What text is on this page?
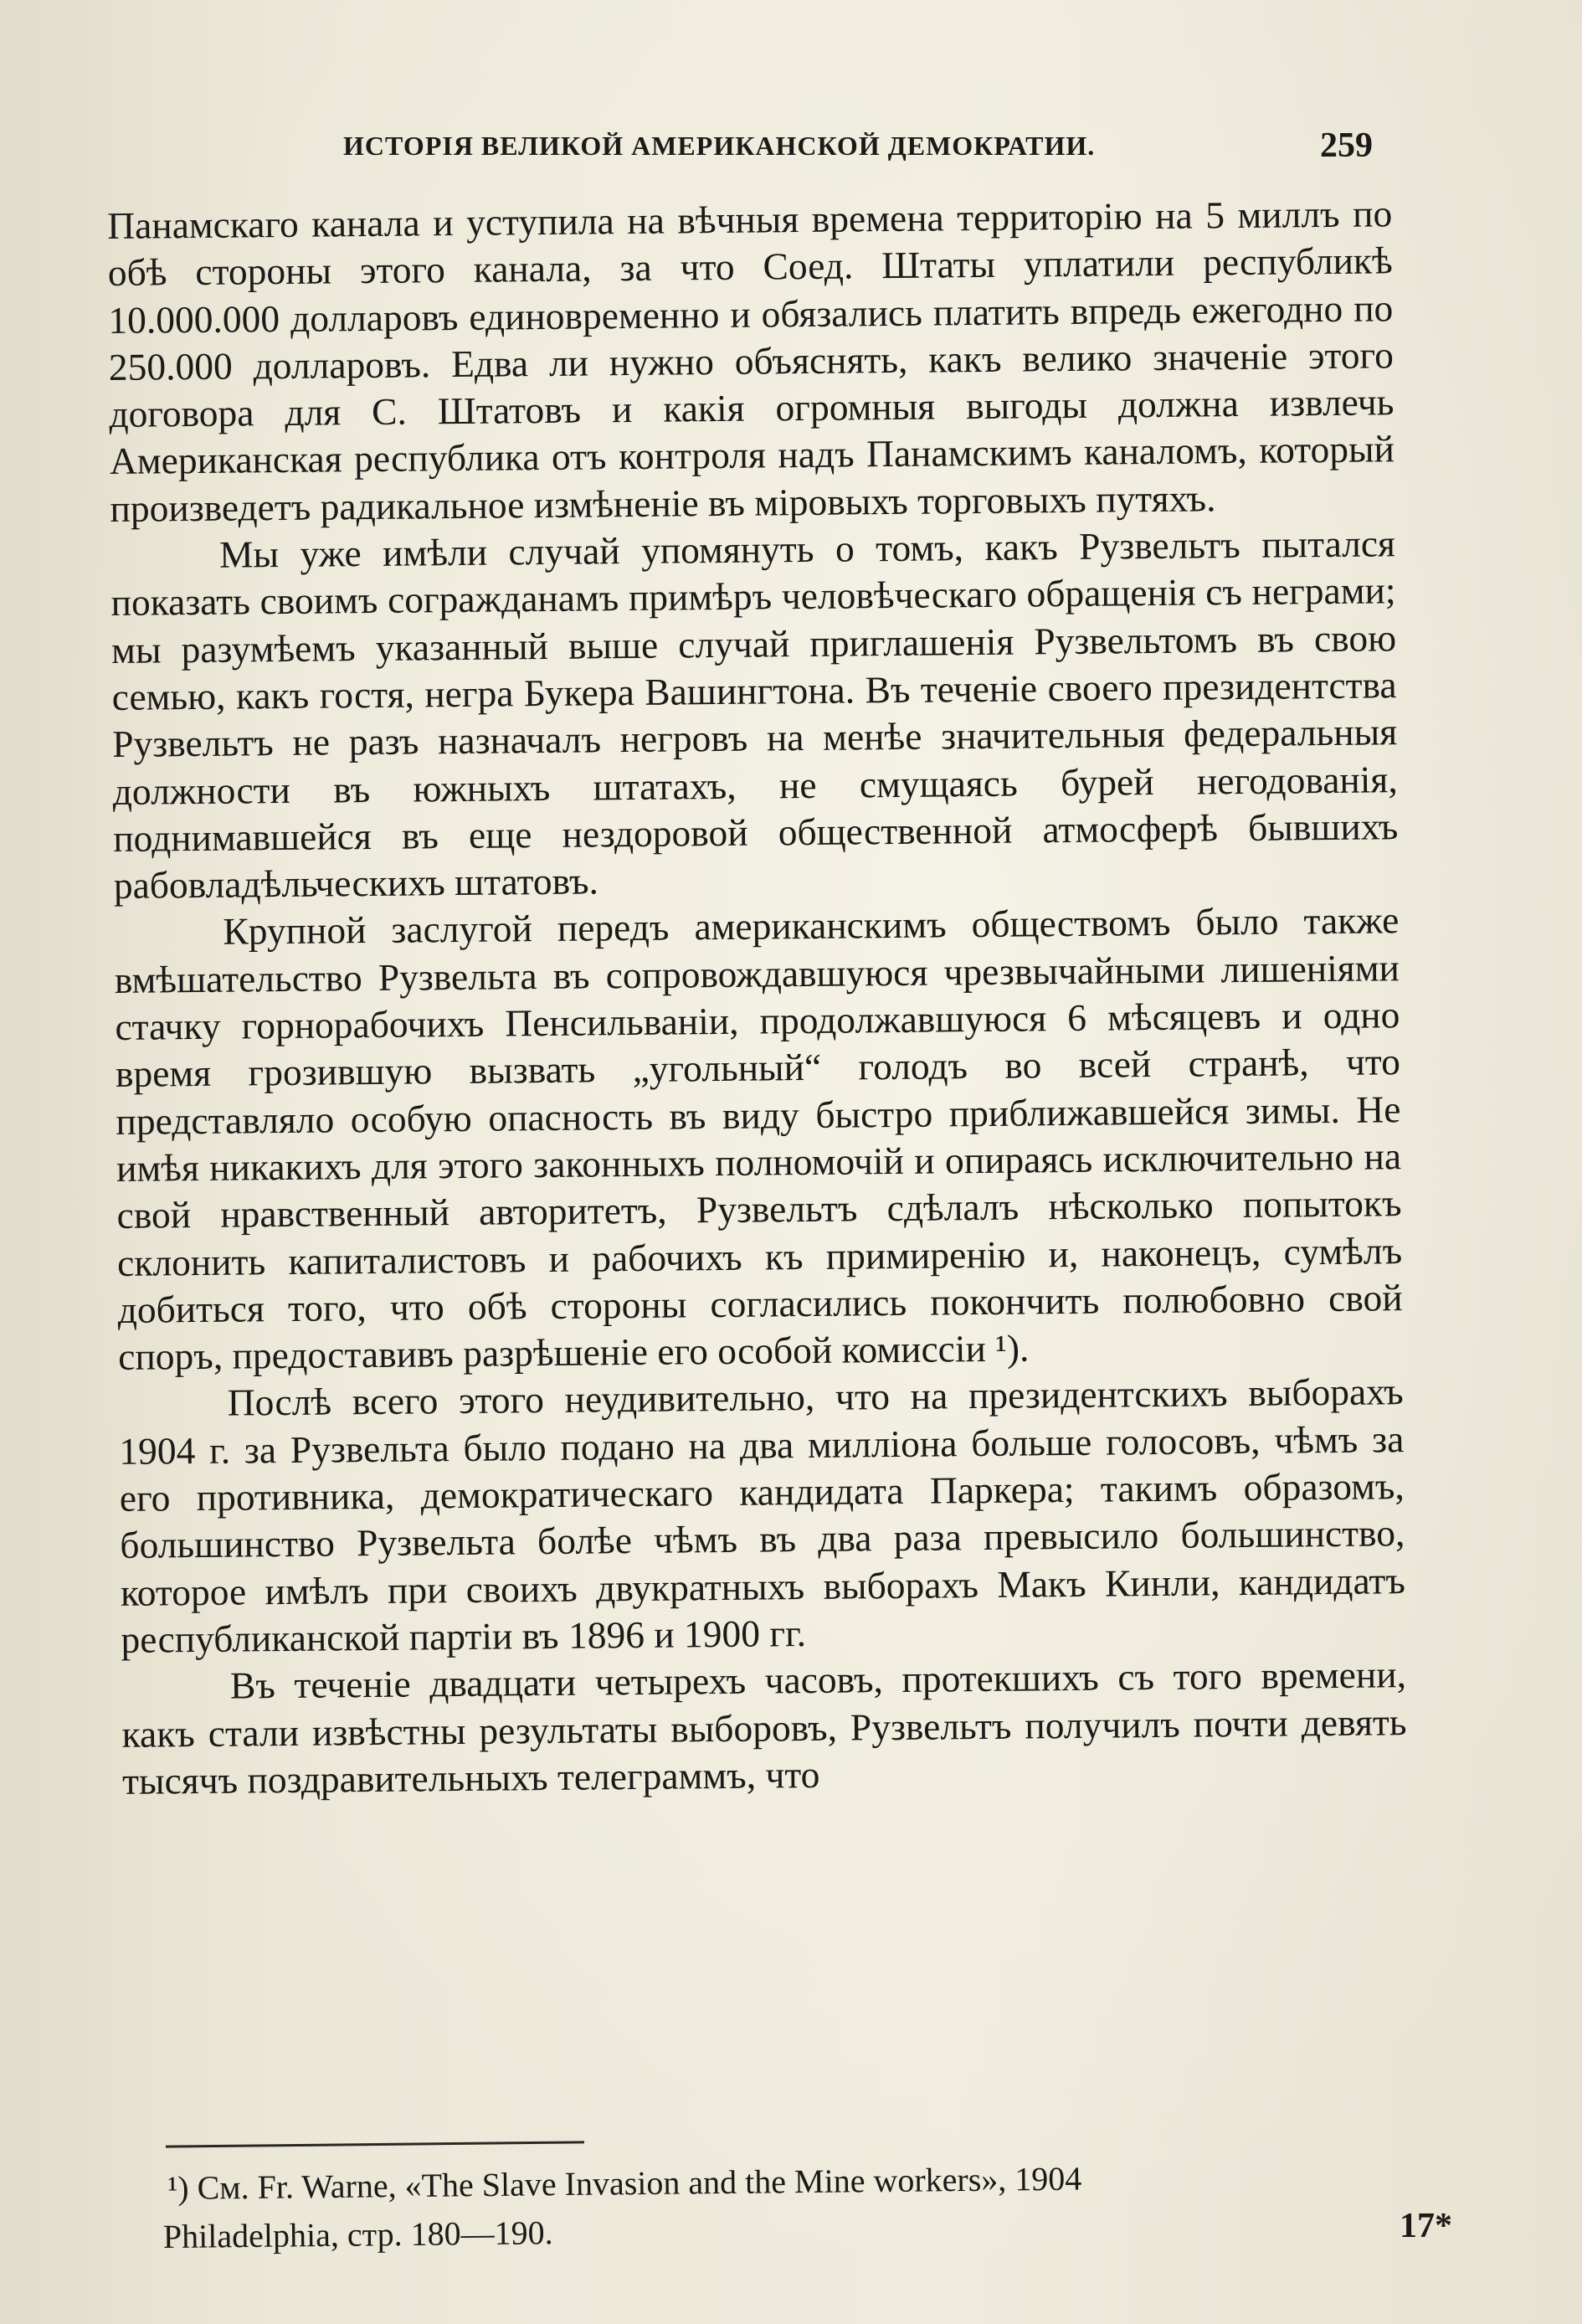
ИСТОРІЯ ВЕЛИКОЙ АМЕРИКАНСКОЙ ДЕМОКРАТИИ.	259

Панамскаго канала и уступила на вѣчныя времена территорію на 5 миллъ по обѣ стороны этого канала, за что Соед. Штаты уплатили республикѣ 10.000.000 долларовъ единовременно и обязались платить впредь ежегодно по 250.000 долларовъ. Едва ли нужно объяснять, какъ велико значеніе этого договора для С. Штатовъ и какія огромныя выгоды должна извлечь Американская республика отъ контроля надъ Панамскимъ каналомъ, который произведетъ радикальное измѣненіе въ міровыхъ торговыхъ путяхъ.

Мы уже имѣли случай упомянуть о томъ, какъ Рузвельтъ пытался показать своимъ согражданамъ примѣръ человѣческаго обращенія съ неграми; мы разумѣемъ указанный выше случай приглашенія Рузвельтомъ въ свою семью, какъ гостя, негра Букера Вашингтона. Въ теченіе своего президентства Рузвельтъ не разъ назначалъ негровъ на менѣе значительныя федеральныя должности въ южныхъ штатахъ, не смущаясь бурей негодованія, поднимавшейся въ еще нездоровой общественной атмосферѣ бывшихъ рабовладѣльческихъ штатовъ.

Крупной заслугой передъ американскимъ обществомъ было также вмѣшательство Рузвельта въ сопровождавшуюся чрезвычайными лишеніями стачку горнорабочихъ Пенсильваніи, продолжавшуюся 6 мѣсяцевъ и одно время грозившую вызвать „угольный“ голодъ во всей странѣ, что представляло особую опасность въ виду быстро приближавшейся зимы. Не имѣя никакихъ для этого законныхъ полномочій и опираясь исключительно на свой нравственный авторитетъ, Рузвельтъ сдѣлалъ нѣсколько попытокъ склонить капиталистовъ и рабочихъ къ примиренію и, наконецъ, сумѣлъ добиться того, что обѣ стороны согласились покончить полюбовно свой споръ, предоставивъ разрѣшеніе его особой комиссіи ¹).

Послѣ всего этого неудивительно, что на президентскихъ выборахъ 1904 г. за Рузвельта было подано на два милліона больше голосовъ, чѣмъ за его противника, демократическаго кандидата Паркера; такимъ образомъ, большинство Рузвельта болѣе чѣмъ въ два раза превысило большинство, которое имѣлъ при своихъ двукратныхъ выборахъ Макъ Кинли, кандидатъ республиканской партіи въ 1896 и 1900 гг.

Въ теченіе двадцати четырехъ часовъ, протекшихъ съ того времени, какъ стали извѣстны результаты выборовъ, Рузвельтъ получилъ почти девять тысячъ поздравительныхъ телеграммъ, что

¹) См. Fr. Warne, «The Slave Invasion and the Mine workers», 1904
Philadelphia, стр. 180—190.	17*
